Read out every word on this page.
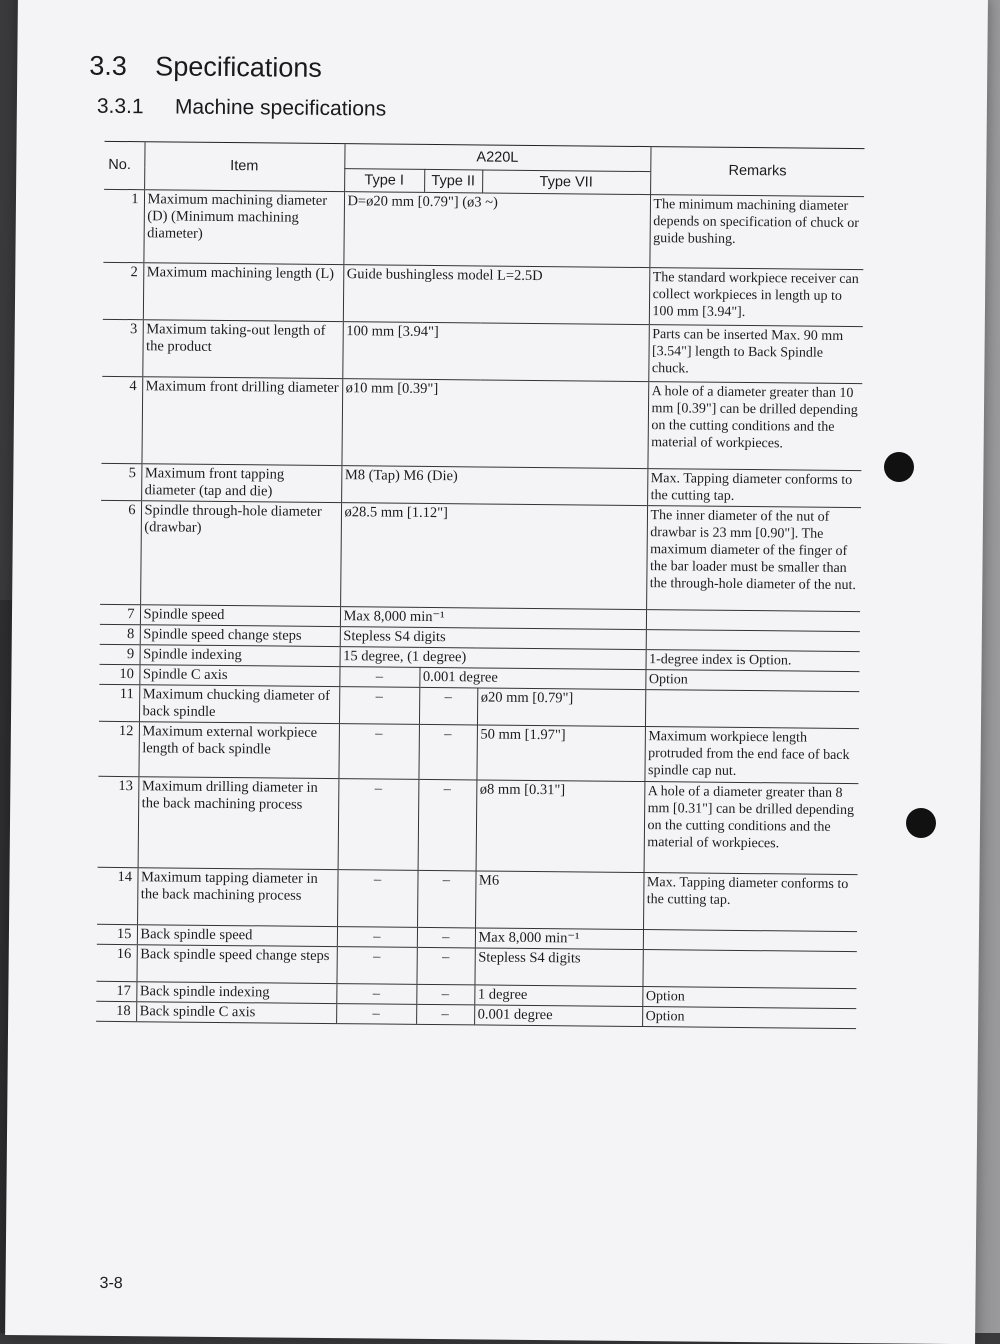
3.3 Specifications
3.3.1 Machine specifications
No.	Item	A220L			Remarks
		Type I	Type II	Type VII	
1	Maximum machining diameter (D) (Minimum machining diameter)	D=ø20 mm [0.79"] (ø3 ~)			The minimum machining diameter depends on specification of chuck or guide bushing.
2	Maximum machining length (L)	Guide bushingless model L=2.5D			The standard workpiece receiver can collect workpieces in length up to 100 mm [3.94"].
3	Maximum taking-out length of the product	100 mm [3.94"]			Parts can be inserted Max. 90 mm [3.54"] length to Back Spindle chuck.
4	Maximum front drilling diameter	ø10 mm [0.39"]			A hole of a diameter greater than 10 mm [0.39"] can be drilled depending on the cutting conditions and the material of workpieces.
5	Maximum front tapping diameter (tap and die)	M8 (Tap) M6 (Die)			Max. Tapping diameter conforms to the cutting tap.
6	Spindle through-hole diameter (drawbar)	ø28.5 mm [1.12"]			The inner diameter of the nut of drawbar is 23 mm [0.90"]. The maximum diameter of the finger of the bar loader must be smaller than the through-hole diameter of the nut.
7	Spindle speed	Max 8,000 min⁻¹			
8	Spindle speed change steps	Stepless S4 digits			
9	Spindle indexing	15 degree, (1 degree)			1-degree index is Option.
10	Spindle C axis	–	0.001 degree		Option
11	Maximum chucking diameter of back spindle	–	–	ø20 mm [0.79"]	
12	Maximum external workpiece length of back spindle	–	–	50 mm [1.97"]	Maximum workpiece length protruded from the end face of back spindle cap nut.
13	Maximum drilling diameter in the back machining process	–	–	ø8 mm [0.31"]	A hole of a diameter greater than 8 mm [0.31"] can be drilled depending on the cutting conditions and the material of workpieces.
14	Maximum tapping diameter in the back machining process	–	–	M6	Max. Tapping diameter conforms to the cutting tap.
15	Back spindle speed	–	–	Max 8,000 min⁻¹	
16	Back spindle speed change steps	–	–	Stepless S4 digits	
17	Back spindle indexing	–	–	1 degree	Option
18	Back spindle C axis	–	–	0.001 degree	Option
3-8
